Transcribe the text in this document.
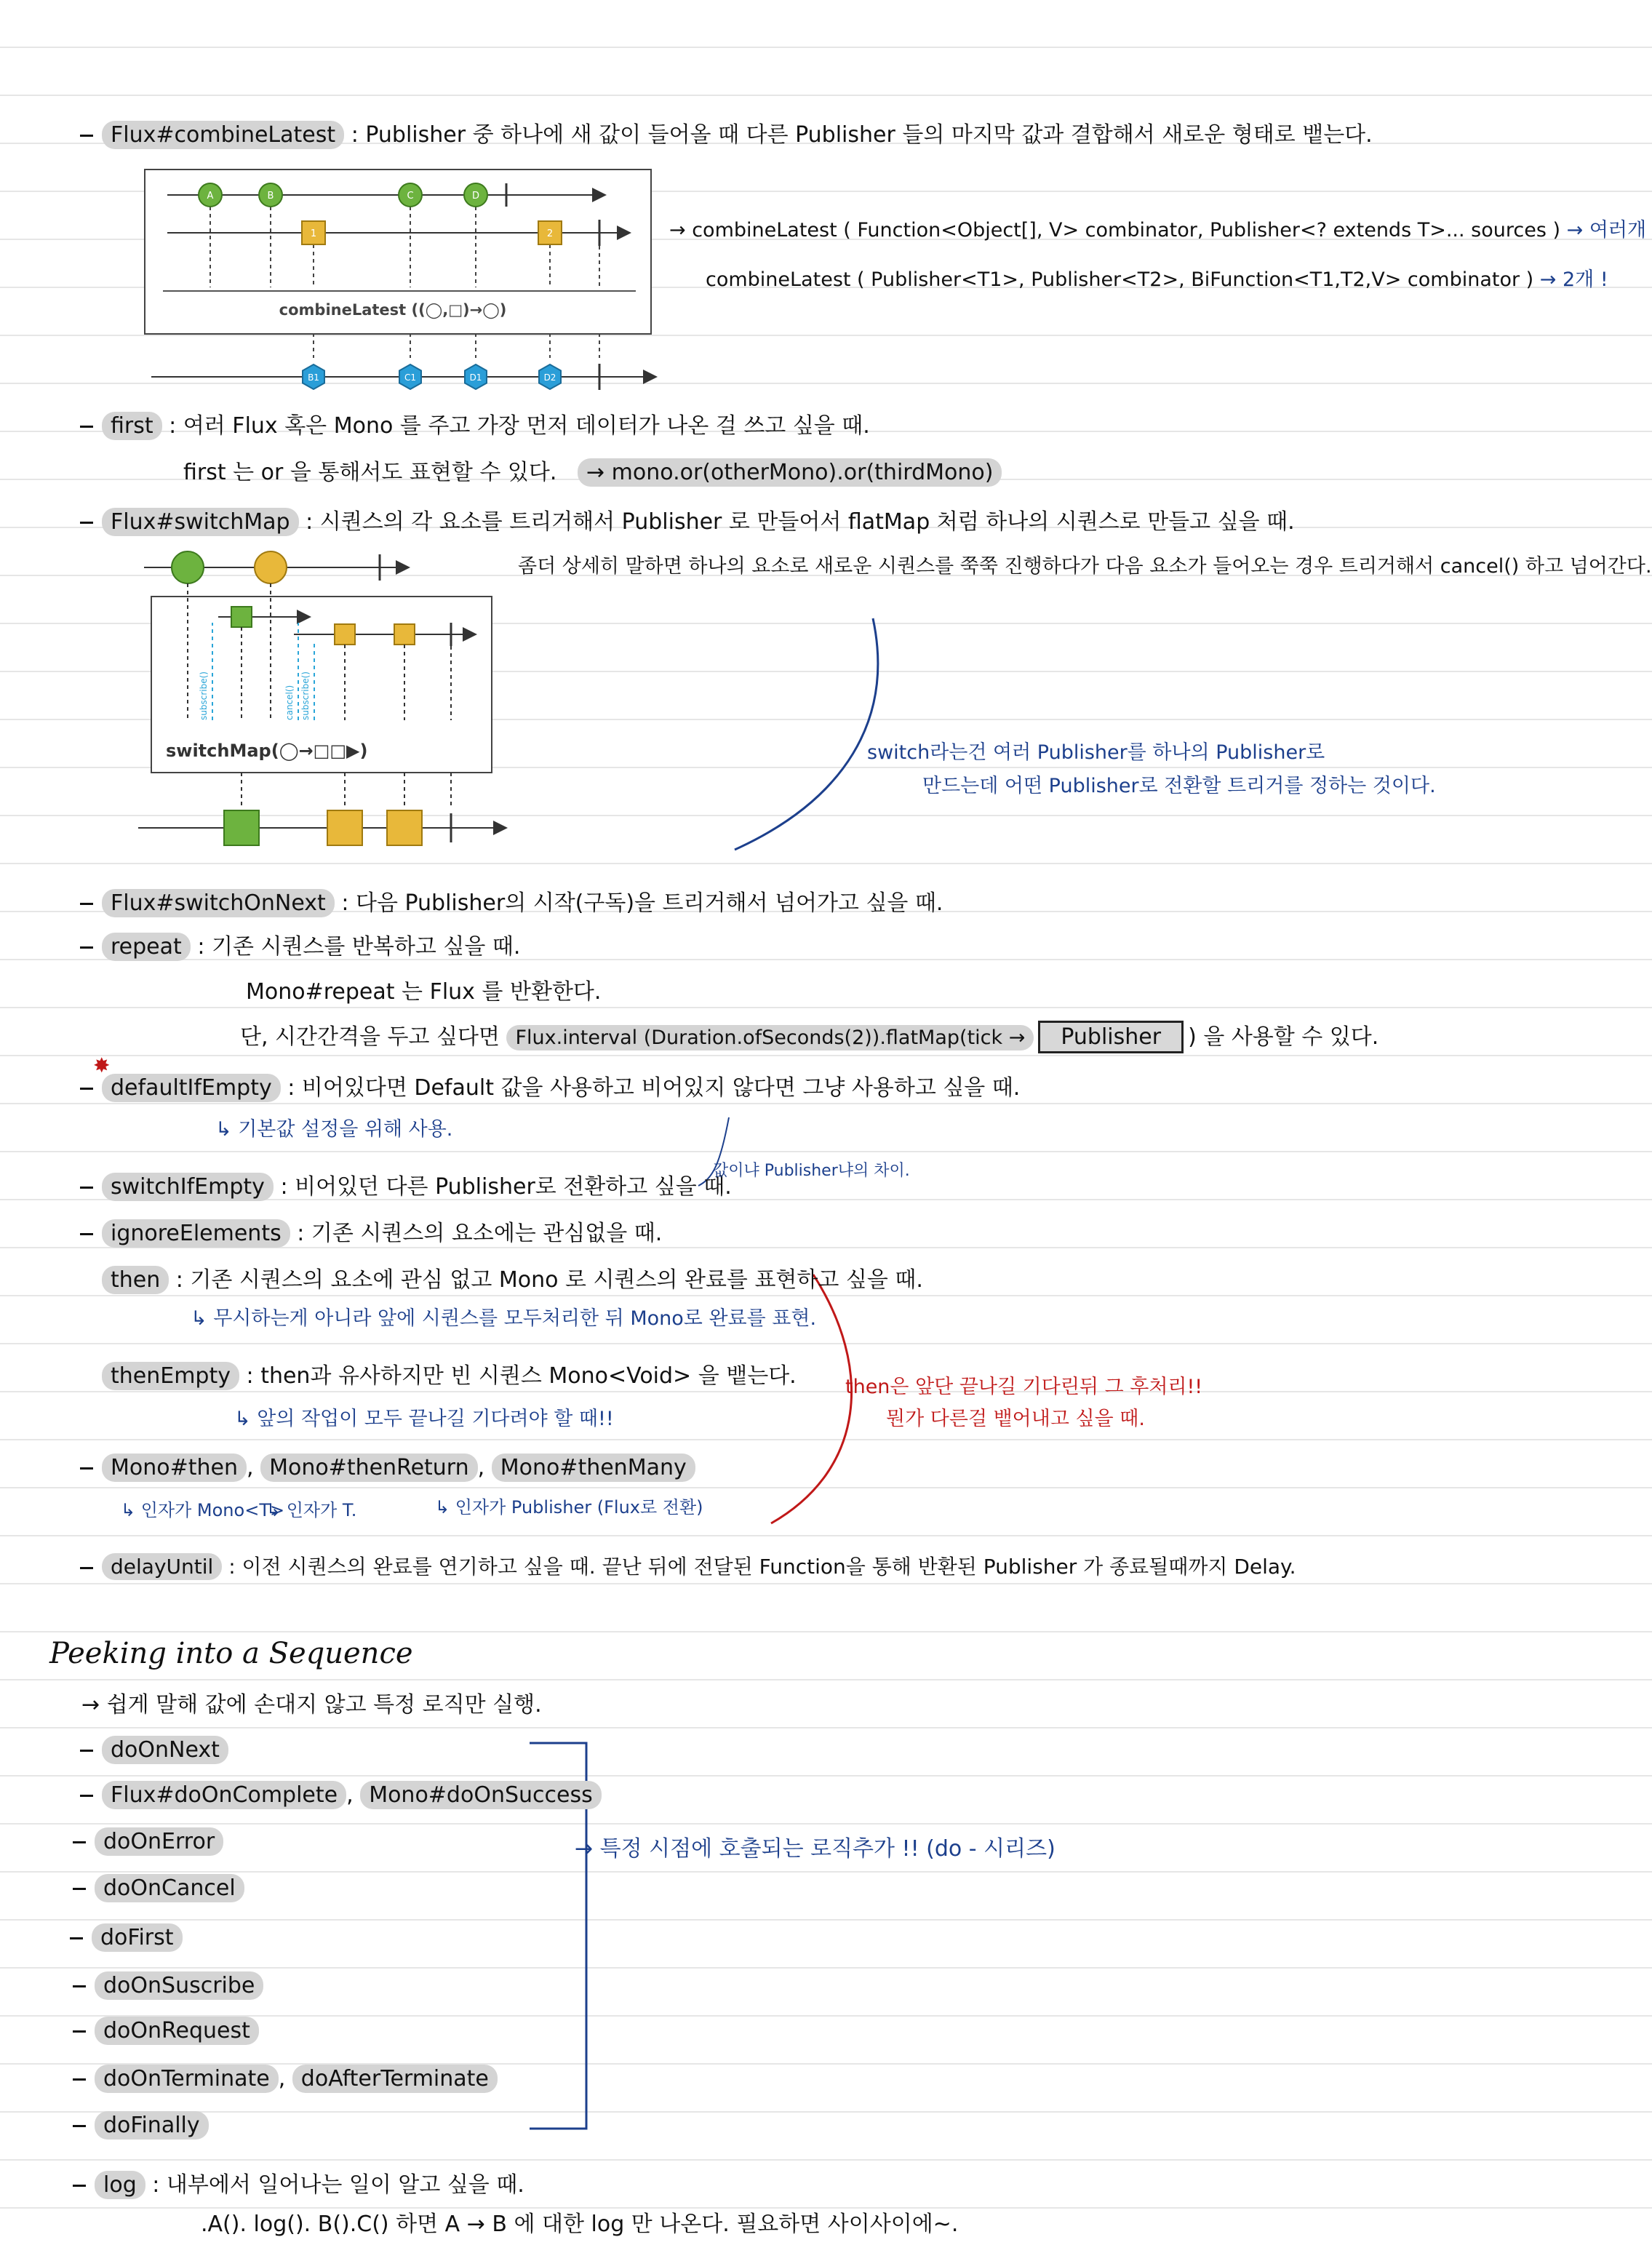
Flux#combineLatest : Publisher 중 하나에 새 값이 들어올 때 다른 Publisher 들의 마지막 값과 결합해서 새로운 형태로 뱉는다.
A	B	C	D
1	2
combineLatest ((◯,□)→◯)
B1	C1	D1	D2
subscribe()	cancel() subscribe()
switchMap(◯→□□▶)
→ combineLatest ( Function<Object[], V> combinator, Publisher<? extends T>... sources ) → 여러개
combineLatest ( Publisher<T1>, Publisher<T2>, BiFunction<T1,T2,V> combinator ) → 2개 !
first : 여러 Flux 혹은 Mono 를 주고 가장 먼저 데이터가 나온 걸 쓰고 싶을 때.
first 는 or 을 통해서도 표현할 수 있다. → mono.or(otherMono).or(thirdMono)
Flux#switchMap : 시퀀스의 각 요소를 트리거해서 Publisher 로 만들어서 flatMap 처럼 하나의 시퀀스로 만들고 싶을 때.
좀더 상세히 말하면 하나의 요소로 새로운 시퀀스를 쭉쭉 진행하다가 다음 요소가 들어오는 경우 트리거해서 cancel() 하고 넘어간다.
switch라는건 여러 Publisher를 하나의 Publisher로
만드는데 어떤 Publisher로 전환할 트리거를 정하는 것이다.
Flux#switchOnNext : 다음 Publisher의 시작(구독)을 트리거해서 넘어가고 싶을 때.
repeat : 기존 시퀀스를 반복하고 싶을 때.
Mono#repeat 는 Flux 를 반환한다.
단, 시간간격을 두고 싶다면 Flux.interval (Duration.ofSeconds(2)).flatMap(tick → Publisher ) 을 사용할 수 있다.
✸
defaultIfEmpty : 비어있다면 Default 값을 사용하고 비어있지 않다면 그냥 사용하고 싶을 때.
↳ 기본값 설정을 위해 사용.
switchIfEmpty : 비어있던 다른 Publisher로 전환하고 싶을 때.
값이냐 Publisher냐의 차이.
ignoreElements : 기존 시퀀스의 요소에는 관심없을 때.
then : 기존 시퀀스의 요소에 관심 없고 Mono 로 시퀀스의 완료를 표현하고 싶을 때.
↳ 무시하는게 아니라 앞에 시퀀스를 모두처리한 뒤 Mono로 완료를 표현.
thenEmpty : then과 유사하지만 빈 시퀀스 Mono<Void> 을 뱉는다.
↳ 앞의 작업이 모두 끝나길 기다려야 할 때!!
then은 앞단 끝나길 기다린뒤 그 후처리!!
뭔가 다른걸 뱉어내고 싶을 때.
Mono#then , Mono#thenReturn , Mono#thenMany
↳ 인자가 Mono<T>
↳ 인자가 T.	↳ 인자가 Publisher (Flux로 전환)
delayUntil : 이전 시퀀스의 완료를 연기하고 싶을 때. 끝난 뒤에 전달된 Function을 통해 반환된 Publisher 가 종료될때까지 Delay.
Peeking into a Sequence
→ 쉽게 말해 값에 손대지 않고 특정 로직만 실행.
doOnNext
Flux#doOnComplete , Mono#doOnSuccess
doOnError
doOnCancel
doFirst
doOnSuscribe
doOnRequest
doOnTerminate , doAfterTerminate
doFinally
→ 특정 시점에 호출되는 로직추가 !! (do - 시리즈)
log : 내부에서 일어나는 일이 알고 싶을 때.
.A(). log(). B().C() 하면 A → B 에 대한 log 만 나온다. 필요하면 사이사이에~.
